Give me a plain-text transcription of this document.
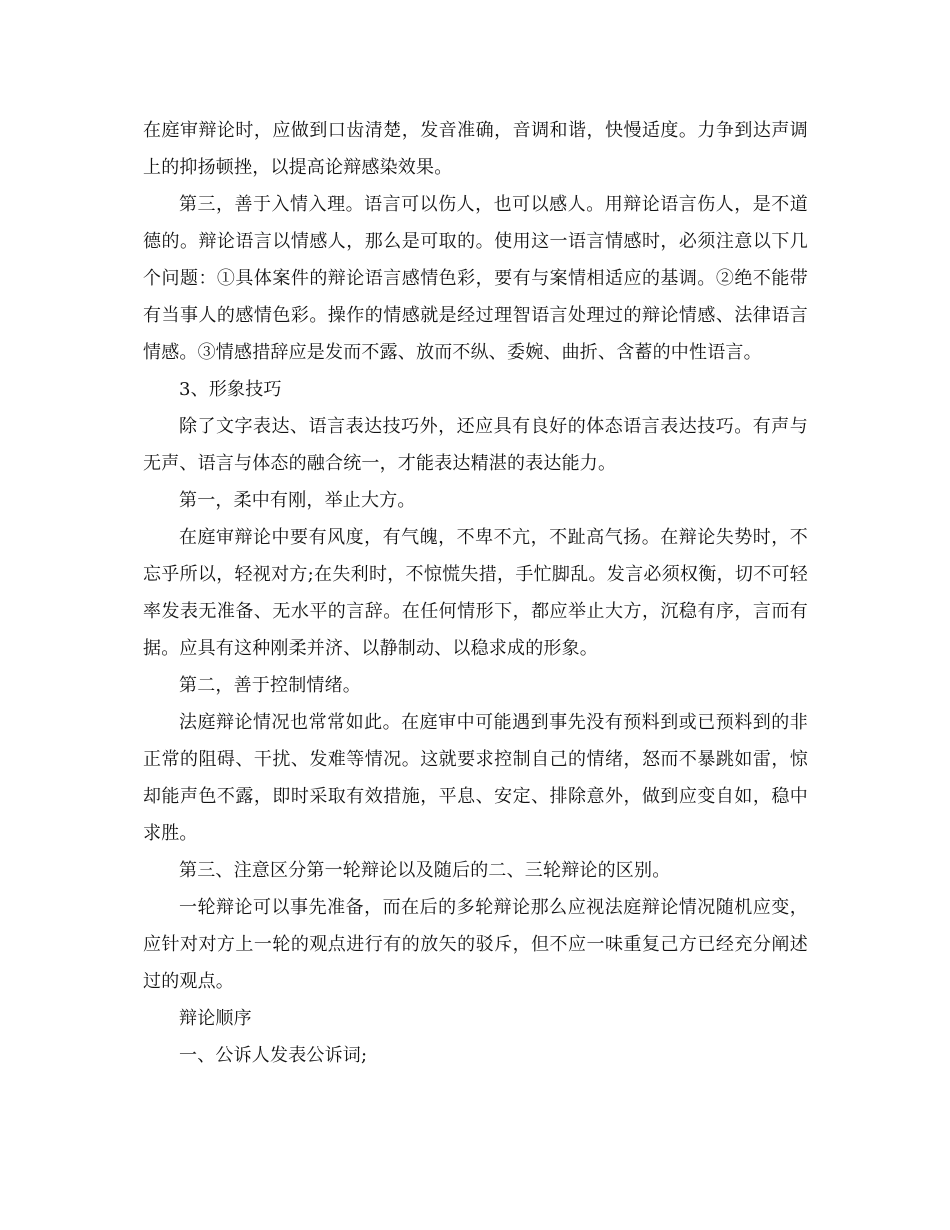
在庭审辩论时，应做到口齿清楚，发音准确，音调和谐，快慢适度。力争到达声调上的抑扬顿挫，以提高论辩感染效果。

第三，善于入情入理。语言可以伤人，也可以感人。用辩论语言伤人，是不道德的。辩论语言以情感人，那么是可取的。使用这一语言情感时，必须注意以下几个问题：①具体案件的辩论语言感情色彩，要有与案情相适应的基调。②绝不能带有当事人的感情色彩。操作的情感就是经过理智语言处理过的辩论情感、法律语言情感。③情感措辞应是发而不露、放而不纵、委婉、曲折、含蓄的中性语言。

3、形象技巧

除了文字表达、语言表达技巧外，还应具有良好的体态语言表达技巧。有声与无声、语言与体态的融合统一，才能表达精湛的表达能力。

第一，柔中有刚，举止大方。

在庭审辩论中要有风度，有气魄，不卑不亢，不趾高气扬。在辩论失势时，不忘乎所以，轻视对方;在失利时，不惊慌失措，手忙脚乱。发言必须权衡，切不可轻率发表无准备、无水平的言辞。在任何情形下，都应举止大方，沉稳有序，言而有据。应具有这种刚柔并济、以静制动、以稳求成的形象。

第二，善于控制情绪。

法庭辩论情况也常常如此。在庭审中可能遇到事先没有预料到或已预料到的非正常的阻碍、干扰、发难等情况。这就要求控制自己的情绪，怒而不暴跳如雷，惊却能声色不露，即时采取有效措施，平息、安定、排除意外，做到应变自如，稳中求胜。

第三、注意区分第一轮辩论以及随后的二、三轮辩论的区别。

一轮辩论可以事先准备，而在后的多轮辩论那么应视法庭辩论情况随机应变，应针对对方上一轮的观点进行有的放矢的驳斥，但不应一味重复己方已经充分阐述过的观点。

辩论顺序

一、公诉人发表公诉词;
